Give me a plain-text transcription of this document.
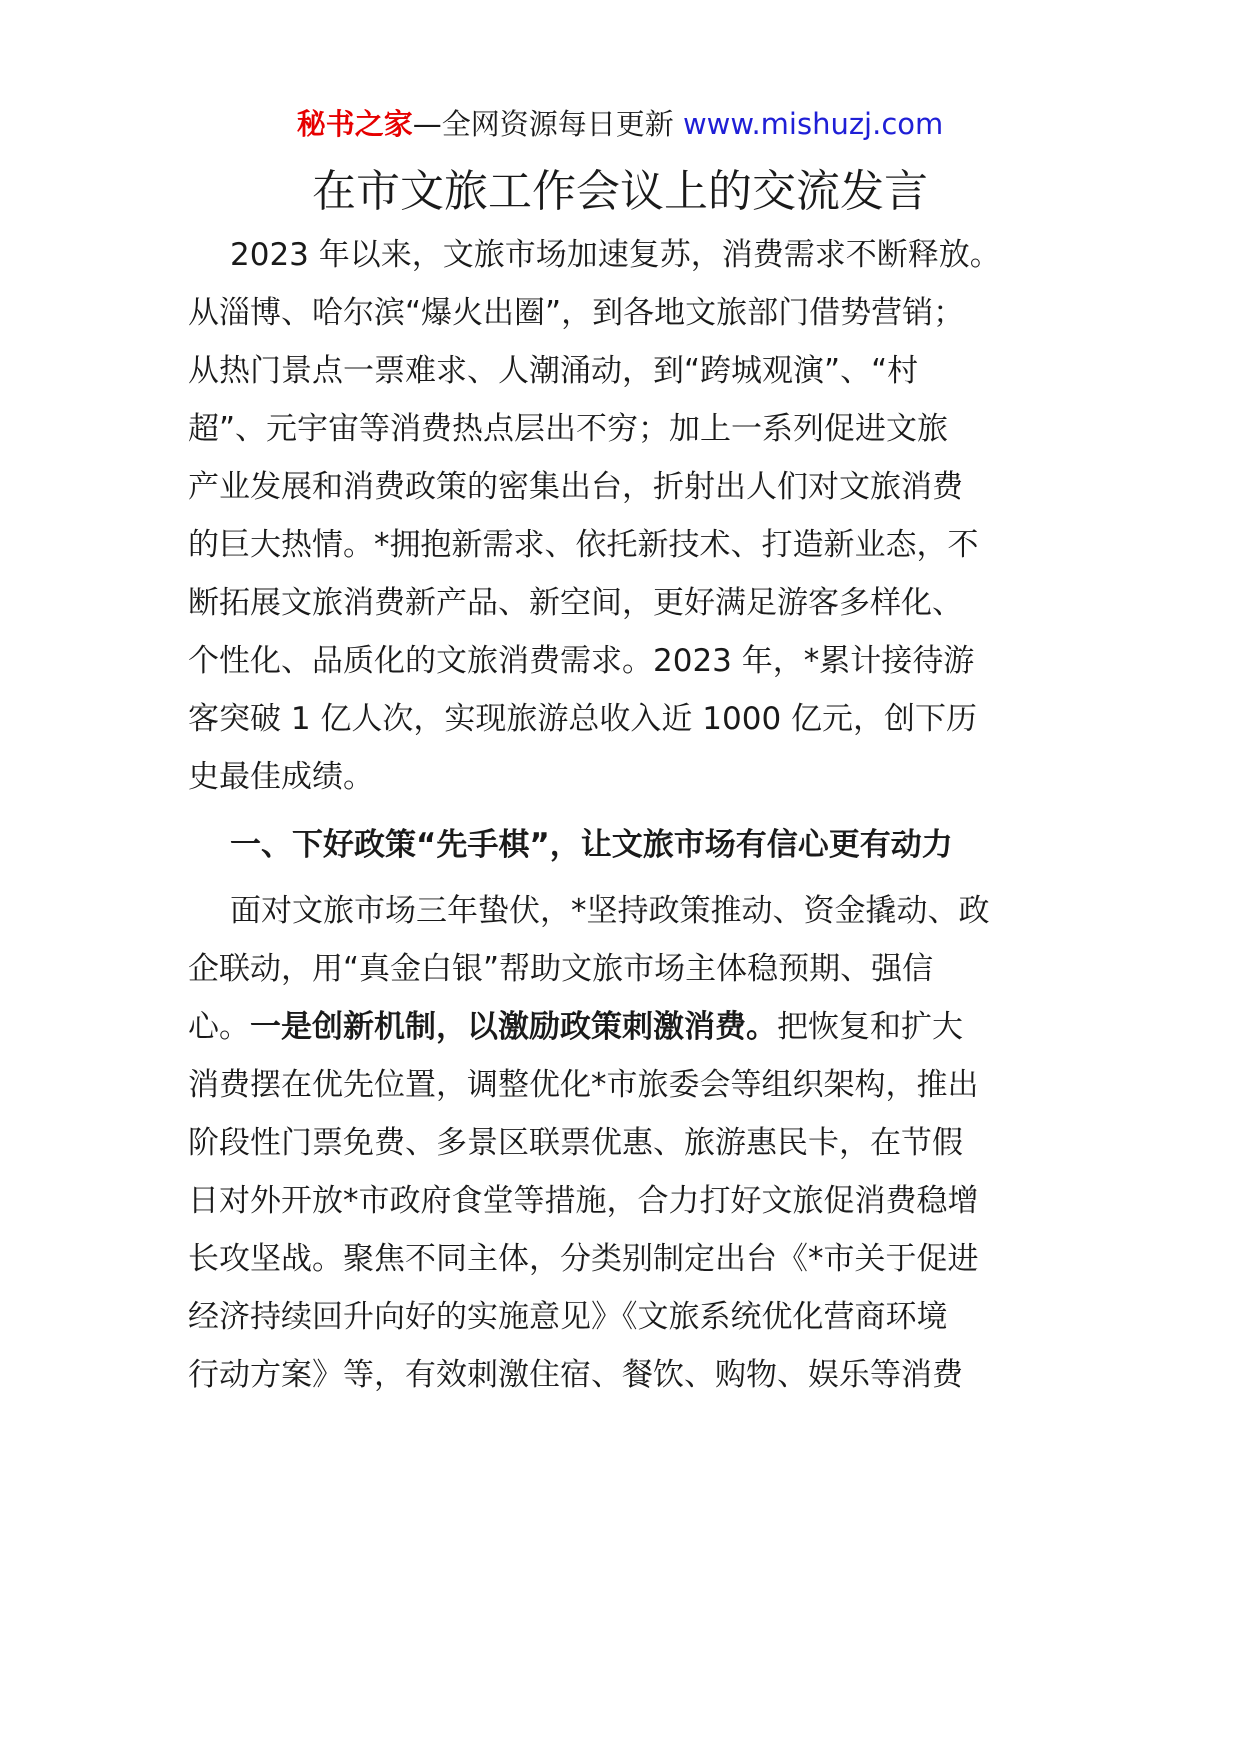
秘书之家—全网资源每日更新 www.mishuzj.com
在市文旅工作会议上的交流发言
2023 年以来，文旅市场加速复苏，消费需求不断释放。
从淄博、哈尔滨“爆火出圈”，到各地文旅部门借势营销；
从热门景点一票难求、人潮涌动，到“跨城观演”、“村
超”、元宇宙等消费热点层出不穷；加上一系列促进文旅
产业发展和消费政策的密集出台，折射出人们对文旅消费
的巨大热情。*拥抱新需求、依托新技术、打造新业态，不
断拓展文旅消费新产品、新空间，更好满足游客多样化、
个性化、品质化的文旅消费需求。2023 年，*累计接待游
客突破 1 亿人次，实现旅游总收入近 1000 亿元，创下历
史最佳成绩。
一、下好政策“先手棋”，让文旅市场有信心更有动力
面对文旅市场三年蛰伏，*坚持政策推动、资金撬动、政
企联动，用“真金白银”帮助文旅市场主体稳预期、强信
心。一是创新机制，以激励政策刺激消费。把恢复和扩大
消费摆在优先位置，调整优化*市旅委会等组织架构，推出
阶段性门票免费、多景区联票优惠、旅游惠民卡，在节假
日对外开放*市政府食堂等措施，合力打好文旅促消费稳增
长攻坚战。聚焦不同主体，分类别制定出台《*市关于促进
经济持续回升向好的实施意见》《文旅系统优化营商环境
行动方案》等，有效刺激住宿、餐饮、购物、娱乐等消费
